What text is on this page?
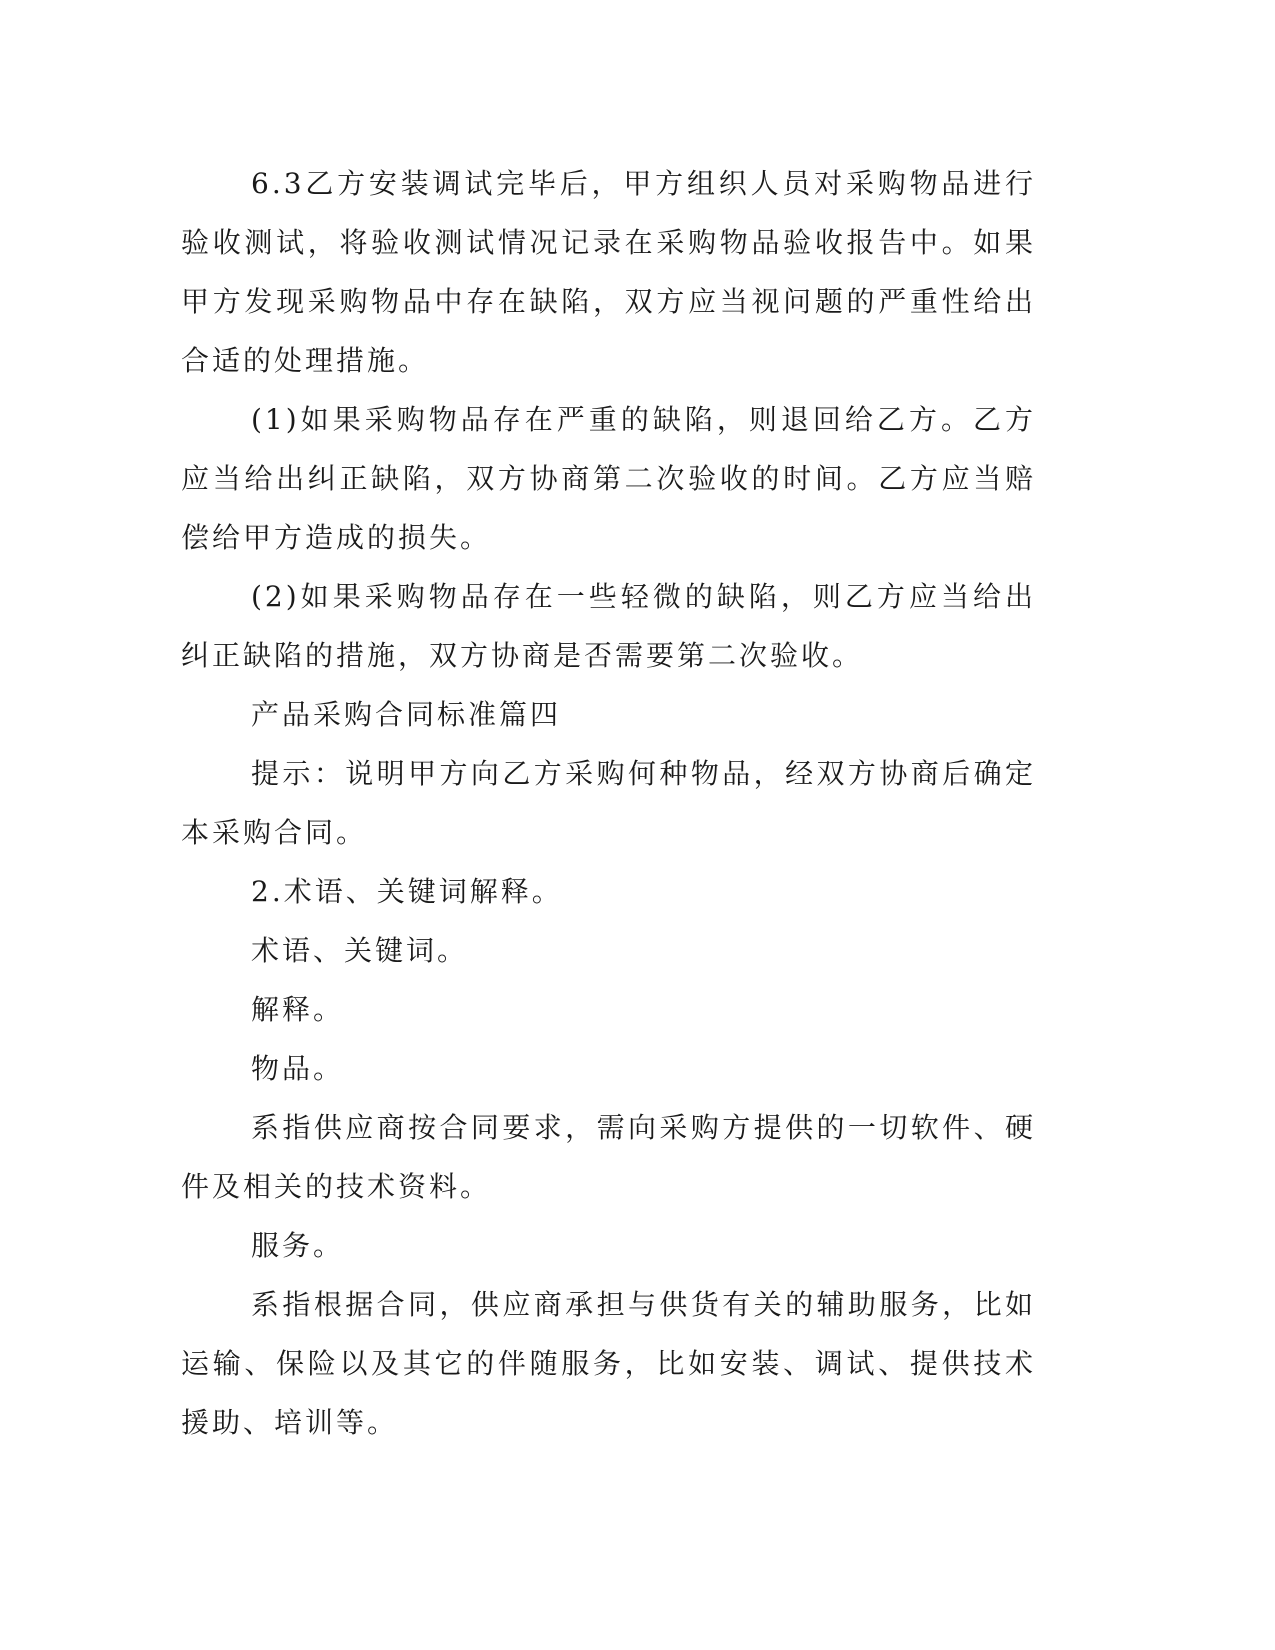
6.3乙方安装调试完毕后，甲方组织人员对采购物品进行验收测试，将验收测试情况记录在采购物品验收报告中。如果甲方发现采购物品中存在缺陷，双方应当视问题的严重性给出合适的处理措施。

(1)如果采购物品存在严重的缺陷，则退回给乙方。乙方应当给出纠正缺陷，双方协商第二次验收的时间。乙方应当赔偿给甲方造成的损失。

(2)如果采购物品存在一些轻微的缺陷，则乙方应当给出纠正缺陷的措施，双方协商是否需要第二次验收。

产品采购合同标准篇四

提示：说明甲方向乙方采购何种物品，经双方协商后确定本采购合同。

2.术语、关键词解释。

术语、关键词。

解释。

物品。

系指供应商按合同要求，需向采购方提供的一切软件、硬件及相关的技术资料。

服务。

系指根据合同，供应商承担与供货有关的辅助服务，比如运输、保险以及其它的伴随服务，比如安装、调试、提供技术援助、培训等。
